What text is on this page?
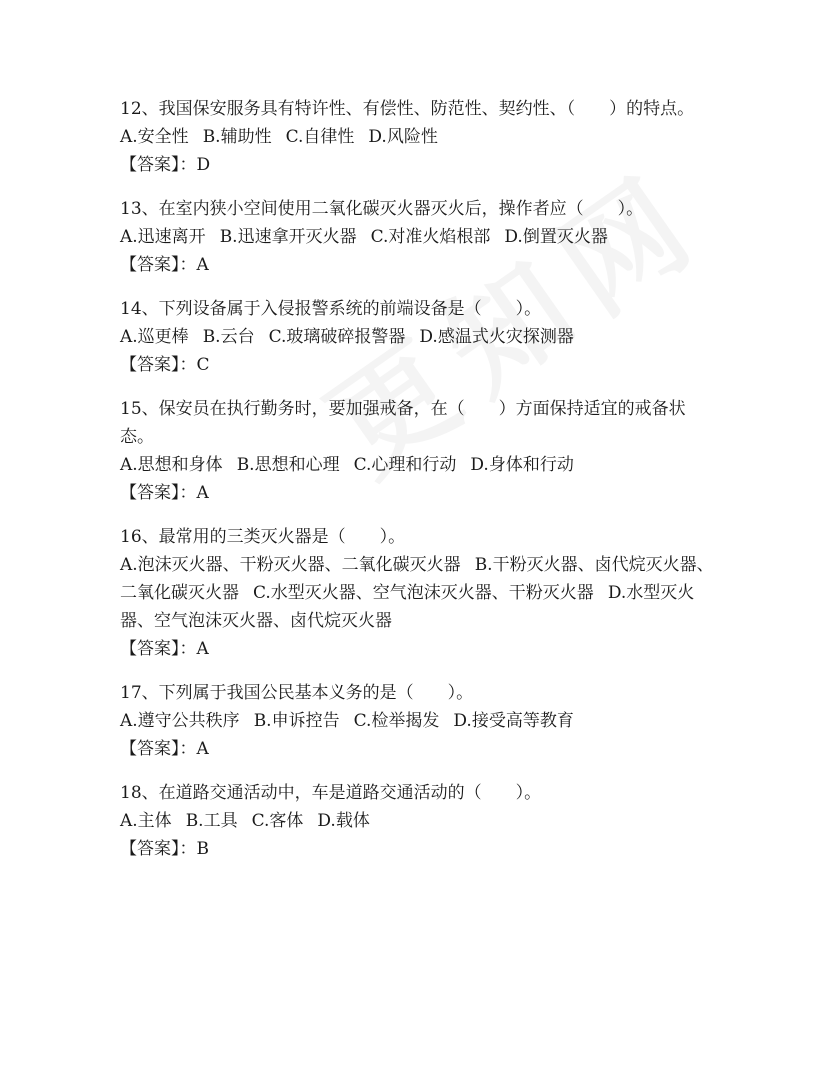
12、我国保安服务具有特许性、有偿性、防范性、契约性、（　　）的特点。
A.安全性 B.辅助性 C.自律性 D.风险性
【答案】：D
13、在室内狭小空间使用二氧化碳灭火器灭火后，操作者应（　　）。
A.迅速离开 B.迅速拿开灭火器 C.对准火焰根部 D.倒置灭火器
【答案】：A
14、下列设备属于入侵报警系统的前端设备是（　　）。
A.巡更棒 B.云台 C.玻璃破碎报警器 D.感温式火灾探测器
【答案】：C
15、保安员在执行勤务时，要加强戒备，在（　　）方面保持适宜的戒备状态。
A.思想和身体 B.思想和心理 C.心理和行动 D.身体和行动
【答案】：A
16、最常用的三类灭火器是（　　）。
A.泡沫灭火器、干粉灭火器、二氧化碳灭火器 B.干粉灭火器、卤代烷灭火器、二氧化碳灭火器 C.水型灭火器、空气泡沫灭火器、干粉灭火器 D.水型灭火器、空气泡沫灭火器、卤代烷灭火器
【答案】：A
17、下列属于我国公民基本义务的是（　　）。
A.遵守公共秩序 B.申诉控告 C.检举揭发 D.接受高等教育
【答案】：A
18、在道路交通活动中，车是道路交通活动的（　　）。
A.主体 B.工具 C.客体 D.载体
【答案】：B
